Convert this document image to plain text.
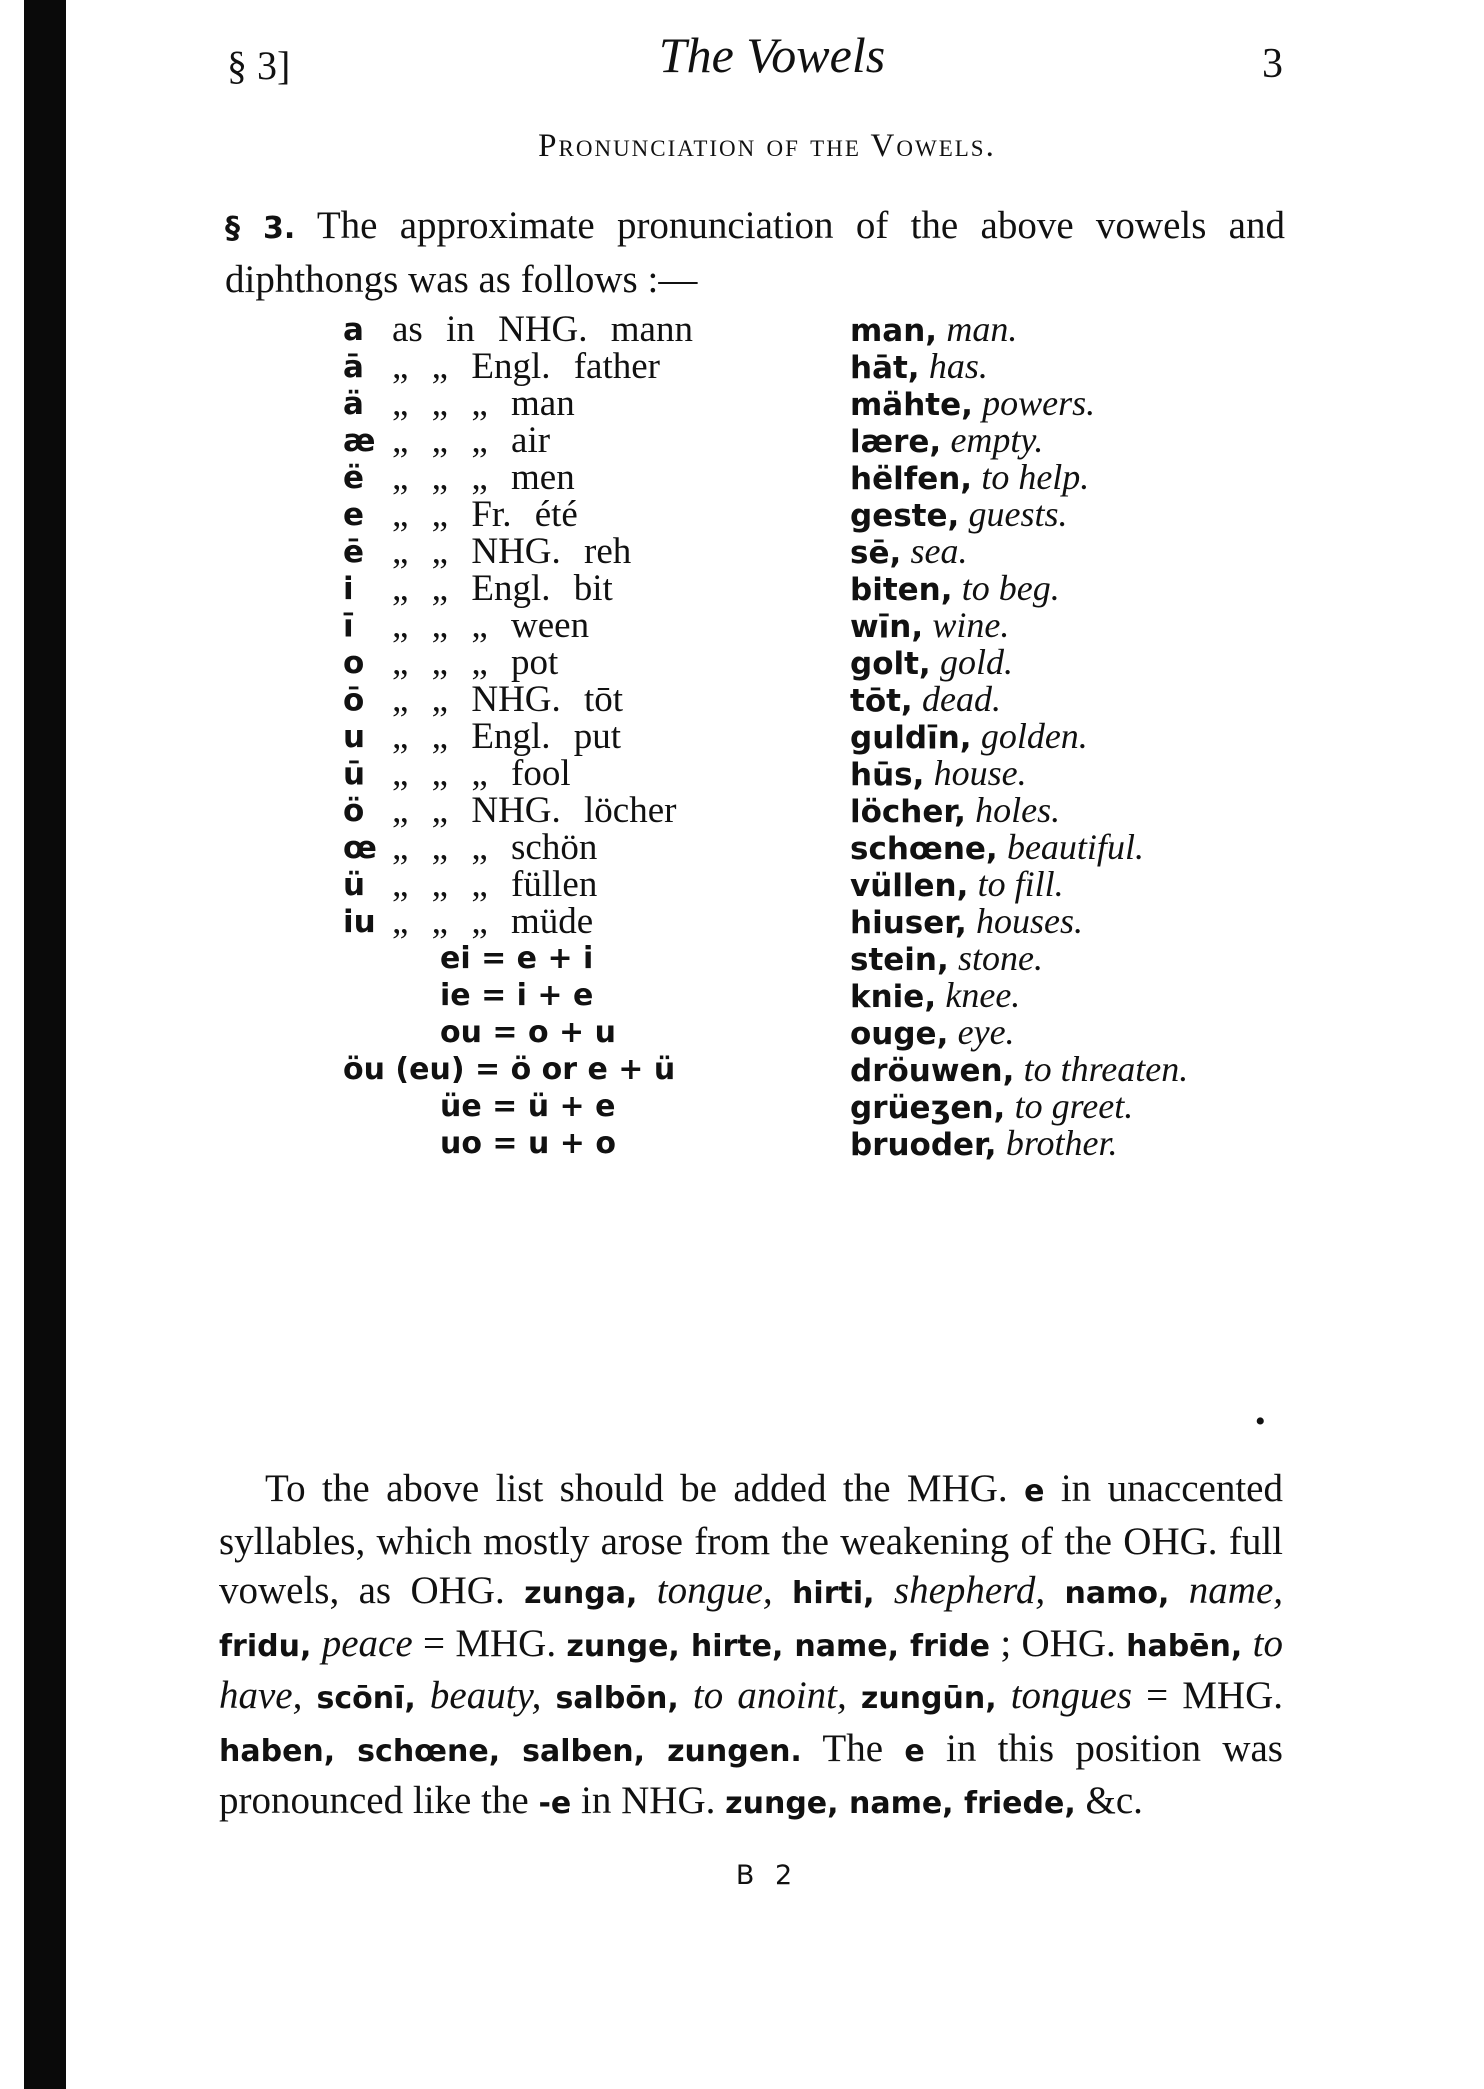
§ 3]	The Vowels	3
Pronunciation of the Vowels.
§ 3. The approximate pronunciation of the above vowels and diphthongs was as follows :—
a as in NHG. mann	man, man.
ā „ „ Engl. father	hāt, has.
ä „ „ „ man	mähte, powers.
æ „ „ „ air	lære, empty.
ë „ „ „ men	hëlfen, to help.
e „ „ Fr. été	geste, guests.
ē „ „ NHG. reh	sē, sea.
i „ „ Engl. bit	biten, to beg.
ī „ „ „ ween	wīn, wine.
o „ „ „ pot	golt, gold.
ō „ „ NHG. tōt	tōt, dead.
u „ „ Engl. put	guldīn, golden.
ū „ „ „ fool	hūs, house.
ö „ „ NHG. löcher	löcher, holes.
œ „ „ „ schön	schœne, beautiful.
ü „ „ „ füllen	vüllen, to fill.
iu „ „ „ müde	hiuser, houses.
ei = e + i	stein, stone.
ie = i + e	knie, knee.
ou = o + u	ouge, eye.
öu (eu) = ö or e + ü	dröuwen, to threaten.
üe = ü + e	grüeʒen, to greet.
uo = u + o	bruoder, brother.
•
To the above list should be added the MHG. e in unaccented syllables, which mostly arose from the weakening of the OHG. full vowels, as OHG. zunga, tongue, hirti, shepherd, namo, name, fridu, peace = MHG. zunge, hirte, name, fride ; OHG. habēn, to have, scōnī, beauty, salbōn, to anoint, zungūn, tongues = MHG. haben, schœne, salben, zungen. The e in this position was pronounced like the -e in NHG. zunge, name, friede, &c.
B 2
